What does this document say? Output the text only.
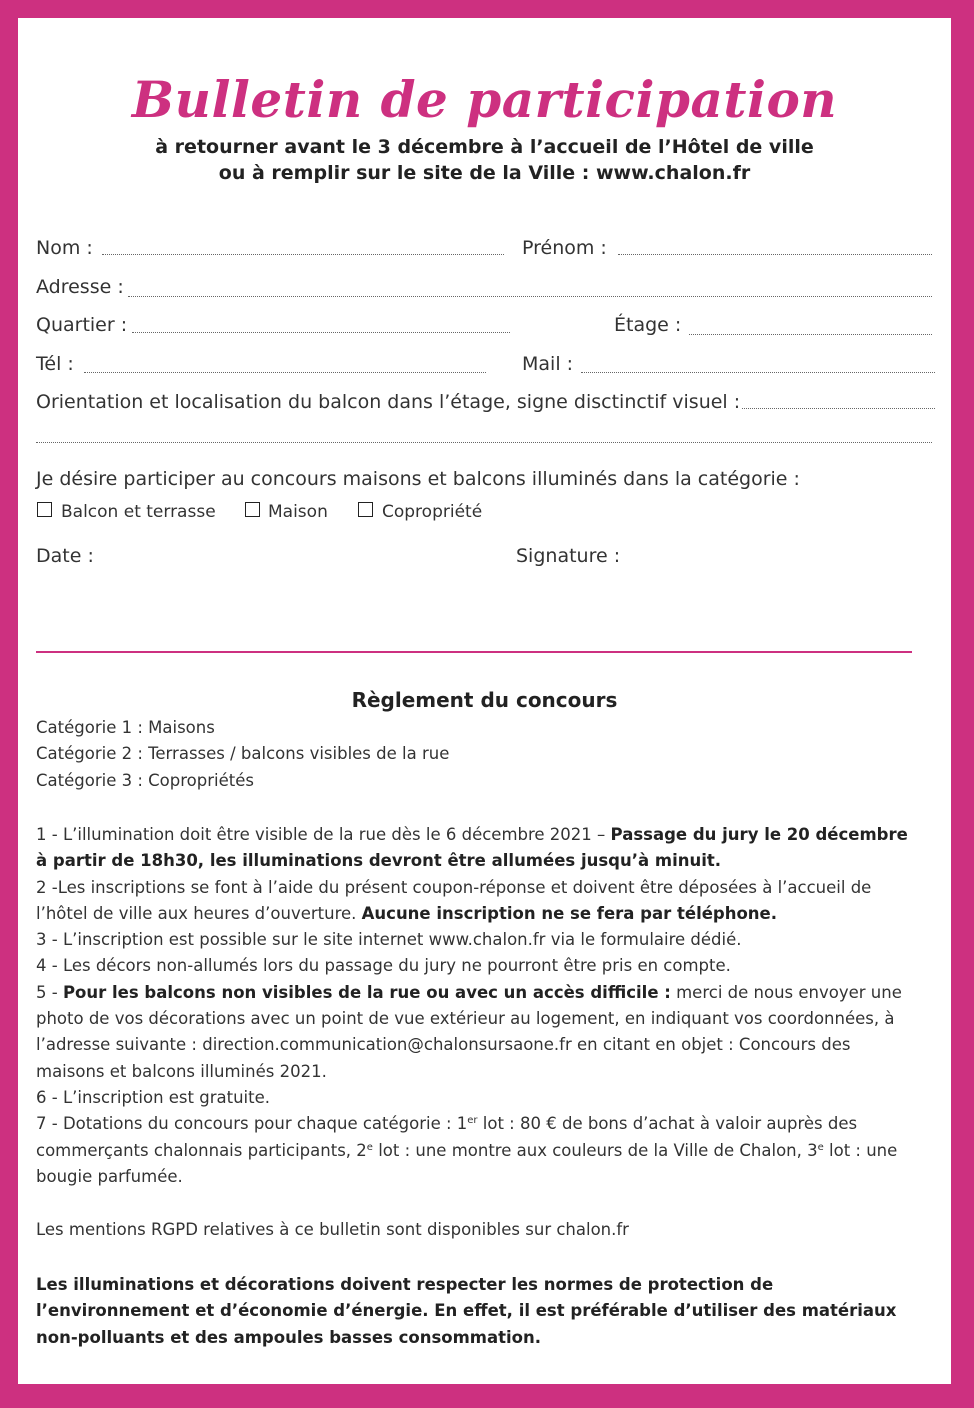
Bulletin de participation
à retourner avant le 3 décembre à l’accueil de l’Hôtel de ville
ou à remplir sur le site de la Ville : www.chalon.fr
Nom :	Prénom :
Adresse :
Quartier :	Étage :
Tél :	Mail :
Orientation et localisation du balcon dans l’étage, signe disctinctif visuel :
Je désire participer au concours maisons et balcons illuminés dans la catégorie :
Balcon et terrasse	Maison	Copropriété
Date :	Signature :
Règlement du concours
Catégorie 1 : Maisons
Catégorie 2 : Terrasses / balcons visibles de la rue
Catégorie 3 : Copropriétés
1 - L’illumination doit être visible de la rue dès le 6 décembre 2021 – Passage du jury le 20 décembre à partir de 18h30, les illuminations devront être allumées jusqu’à minuit.
2 -Les inscriptions se font à l’aide du présent coupon-réponse et doivent être déposées à l’accueil de l’hôtel de ville aux heures d’ouverture. Aucune inscription ne se fera par téléphone.
3 - L’inscription est possible sur le site internet www.chalon.fr via le formulaire dédié.
4 - Les décors non-allumés lors du passage du jury ne pourront être pris en compte.
5 - Pour les balcons non visibles de la rue ou avec un accès difficile : merci de nous envoyer une photo de vos décorations avec un point de vue extérieur au logement, en indiquant vos coordonnées, à l’adresse suivante : direction.communication@chalonsursaone.fr en citant en objet : Concours des maisons et balcons illuminés 2021.
6 - L’inscription est gratuite.
7 - Dotations du concours pour chaque catégorie : 1er lot : 80 € de bons d’achat à valoir auprès des commerçants chalonnais participants, 2e lot : une montre aux couleurs de la Ville de Chalon, 3e lot : une bougie parfumée.
Les mentions RGPD relatives à ce bulletin sont disponibles sur chalon.fr
Les illuminations et décorations doivent respecter les normes de protection de l’environnement et d’économie d’énergie. En effet, il est préférable d’utiliser des matériaux non-polluants et des ampoules basses consommation.
